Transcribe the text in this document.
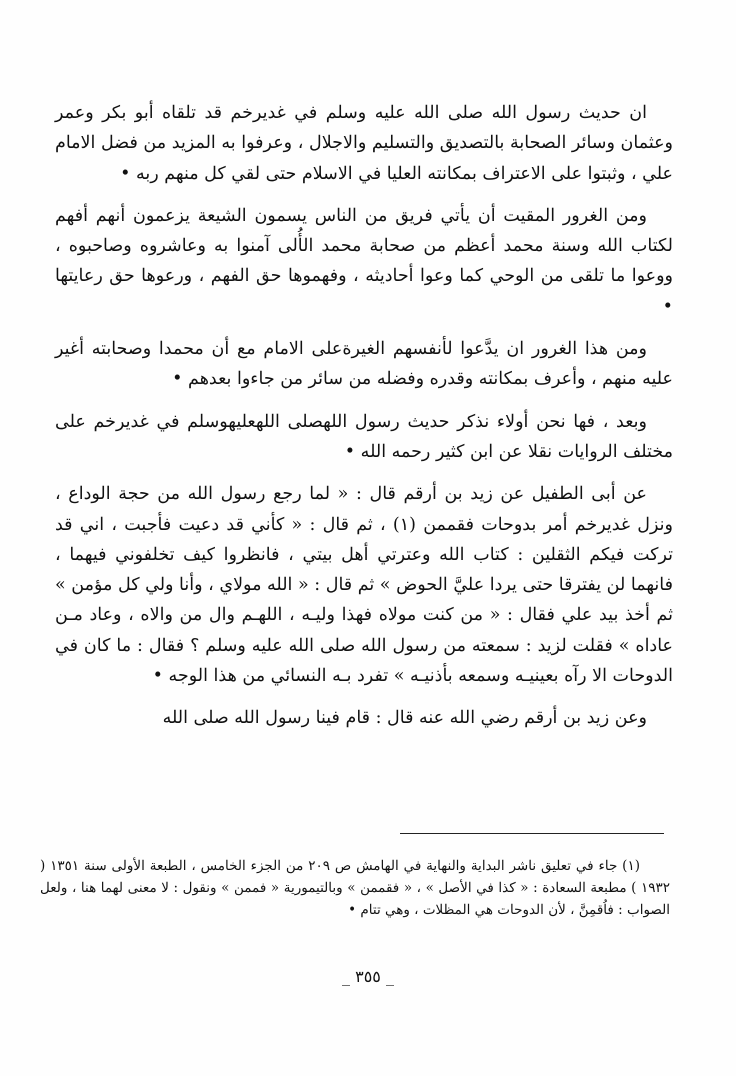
ان حديث رسول الله صلى الله عليه وسلم في غديرخم قد تلقاه أبو بكر وعمر وعثمان وسائر الصحابة بالتصديق والتسليم والاجلال ، وعرفوا به المزيد من فضل الامام علي ، وثبتوا على الاعتراف بمكانته العليا في الاسلام حتى لقي كل منهم ربه •

ومن الغرور المقيت أن يأتي فريق من الناس يسمون الشيعة يزعمون أنهم أفهم لكتاب الله وسنة محمد أعظم من صحابة محمد الأُلى آمنوا به وعاشروه وصاحبوه ، ووعوا ما تلقى من الوحي كما وعوا أحاديثه ، وفهموها حق الفهم ، ورعوها حق رعايتها •

ومن هذا الغرور ان يدَّعوا لأنفسهم الغيرةعلى الامام مع أن محمدا وصحابته أغير عليه منهم ، وأعرف بمكانته وقدره وفضله من سائر من جاءوا بعدهم •

وبعد ، فها نحن أولاء نذكر حديث رسول اللهصلى اللهعليهوسلم في غديرخم على مختلف الروايات نقلا عن ابن كثير رحمه الله •

عن أبى الطفيل عن زيد بن أرقم قال : « لما رجع رسول الله من حجة الوداع ، ونزل غديرخم أمر بدوحات فقممن (١) ، ثم قال : « كأني قد دعيت فأجبت ، اني قد تركت فيكم الثقلين : كتاب الله وعترتي أهل بيتي ، فانظروا كيف تخلفوني فيهما ، فانهما لن يفترقا حتى يردا عليَّ الحوض » ثم قال : « الله مولاي ، وأنا ولي كل مؤمن » ثم أخذ بيد علي فقال : « من كنت مولاه فهذا وليـه ، اللهـم وال من والاه ، وعاد مـن عاداه » فقلت لزيد : سمعته من رسول الله صلى الله عليه وسلم ؟ فقال : ما كان في الدوحات الا رآه بعينيـه وسمعه بأذنيـه » تفرد بـه النسائي من هذا الوجه •

وعن زيد بن أرقم رضي الله عنه قال : قام فينا رسول الله صلى الله

(١) جاء في تعليق ناشر البداية والنهاية في الهامش ص ٢٠٩ من الجزء الخامس ، الطبعة الأولى سنة ١٣٥١ ( ١٩٣٢ ) مطبعة السعادة : « كذا في الأصل » ، « فقممن » وبالتيمورية « فممن » ونقول : لا معنى لهما هنا ، ولعل الصواب : فاُقمِنَّ ، لأن الدوحات هي المظلات ، وهي تتام •

_ ٣٥٥ _
